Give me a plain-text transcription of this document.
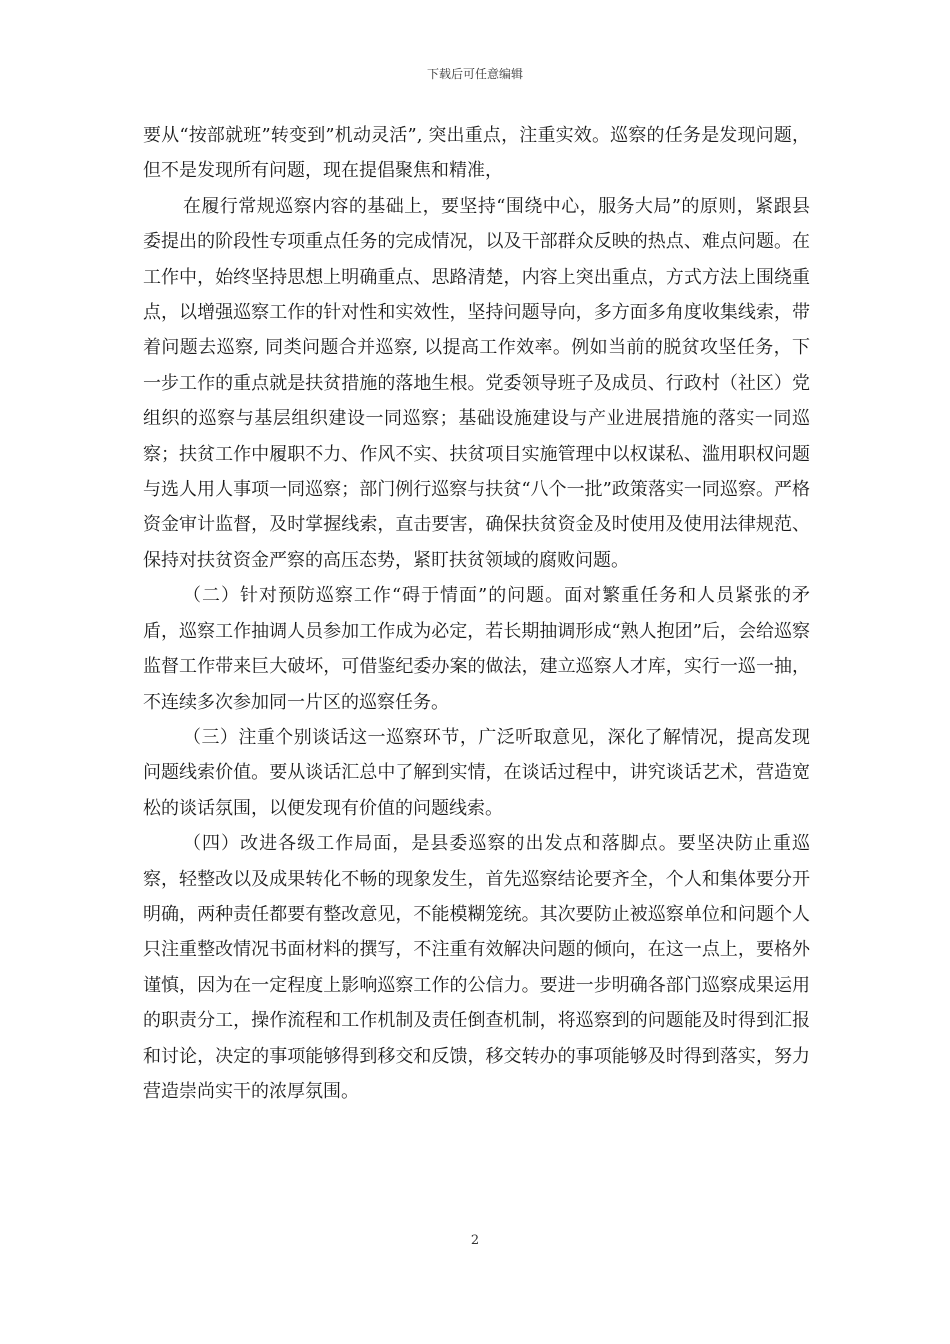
下载后可任意编辑

要从“按部就班”转变到”机动灵活”, 突出重点，注重实效。巡察的任务是发现问题，但不是发现所有问题，现在提倡聚焦和精准，

在履行常规巡察内容的基础上，要坚持“围绕中心，服务大局”的原则，紧跟县委提出的阶段性专项重点任务的完成情况，以及干部群众反映的热点、难点问题。在工作中，始终坚持思想上明确重点、思路清楚，内容上突出重点，方式方法上围绕重点，以增强巡察工作的针对性和实效性，坚持问题导向，多方面多角度收集线索，带着问题去巡察, 同类问题合并巡察, 以提高工作效率。例如当前的脱贫攻坚任务，下一步工作的重点就是扶贫措施的落地生根。党委领导班子及成员、行政村（社区）党组织的巡察与基层组织建设一同巡察；基础设施建设与产业进展措施的落实一同巡察；扶贫工作中履职不力、作风不实、扶贫项目实施管理中以权谋私、滥用职权问题与选人用人事项一同巡察；部门例行巡察与扶贫“八个一批”政策落实一同巡察。严格资金审计监督，及时掌握线索，直击要害，确保扶贫资金及时使用及使用法律规范、保持对扶贫资金严察的高压态势，紧盯扶贫领域的腐败问题。

（二）针对预防巡察工作“碍于情面”的问题。面对繁重任务和人员紧张的矛盾，巡察工作抽调人员参加工作成为必定，若长期抽调形成“熟人抱团”后，会给巡察监督工作带来巨大破坏，可借鉴纪委办案的做法，建立巡察人才库，实行一巡一抽，不连续多次参加同一片区的巡察任务。

（三）注重个别谈话这一巡察环节，广泛听取意见，深化了解情况，提高发现问题线索价值。要从谈话汇总中了解到实情，在谈话过程中，讲究谈话艺术，营造宽松的谈话氛围，以便发现有价值的问题线索。

（四）改进各级工作局面，是县委巡察的出发点和落脚点。要坚决防止重巡察，轻整改以及成果转化不畅的现象发生，首先巡察结论要齐全，个人和集体要分开明确，两种责任都要有整改意见，不能模糊笼统。其次要防止被巡察单位和问题个人只注重整改情况书面材料的撰写，不注重有效解决问题的倾向，在这一点上，要格外谨慎，因为在一定程度上影响巡察工作的公信力。要进一步明确各部门巡察成果运用的职责分工，操作流程和工作机制及责任倒查机制，将巡察到的问题能及时得到汇报和讨论，决定的事项能够得到移交和反馈，移交转办的事项能够及时得到落实，努力营造崇尚实干的浓厚氛围。

2
